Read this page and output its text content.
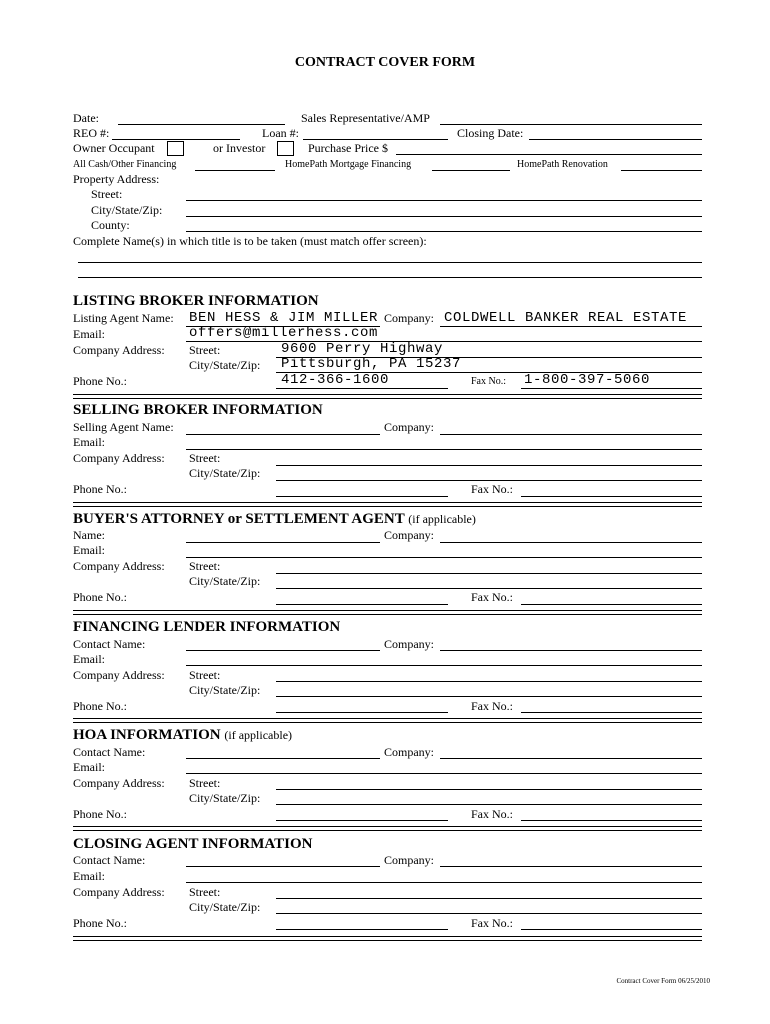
CONTRACT COVER FORM
Date:	Sales Representative/AMP
REO #:	Loan #:	Closing Date:
Owner Occupant	or Investor	Purchase Price $
All Cash/Other Financing	HomePath Mortgage Financing	HomePath Renovation
Property Address:
Street:
City/State/Zip:
County:
Complete Name(s) in which title is to be taken (must match offer screen):
LISTING BROKER INFORMATION
Listing Agent Name: BEN HESS & JIM MILLER Company: COLDWELL BANKER REAL ESTATE
Email:	offers@millerhess.com
Company Address: Street:	9600 Perry Highway
City/State/Zip: Pittsburgh, PA 15237
Phone No.:	412-366-1600	Fax No.: 1-800-397-5060
SELLING BROKER INFORMATION
Selling Agent Name:	Company:
Email:
Company Address: Street:
City/State/Zip:
Phone No.:	Fax No.:
BUYER'S ATTORNEY or SETTLEMENT AGENT (if applicable)
Name:	Company:
Email:
Company Address: Street:
City/State/Zip:
Phone No.:	Fax No.:
FINANCING LENDER INFORMATION
Contact Name:	Company:
Email:
Company Address: Street:
City/State/Zip:
Phone No.:	Fax No.:
HOA INFORMATION (if applicable)
Contact Name:	Company:
Email:
Company Address: Street:
City/State/Zip:
Phone No.:	Fax No.:
CLOSING AGENT INFORMATION
Contact Name:	Company:
Email:
Company Address: Street:
City/State/Zip:
Phone No.:	Fax No.:
Contract Cover Form 06/25/2010
